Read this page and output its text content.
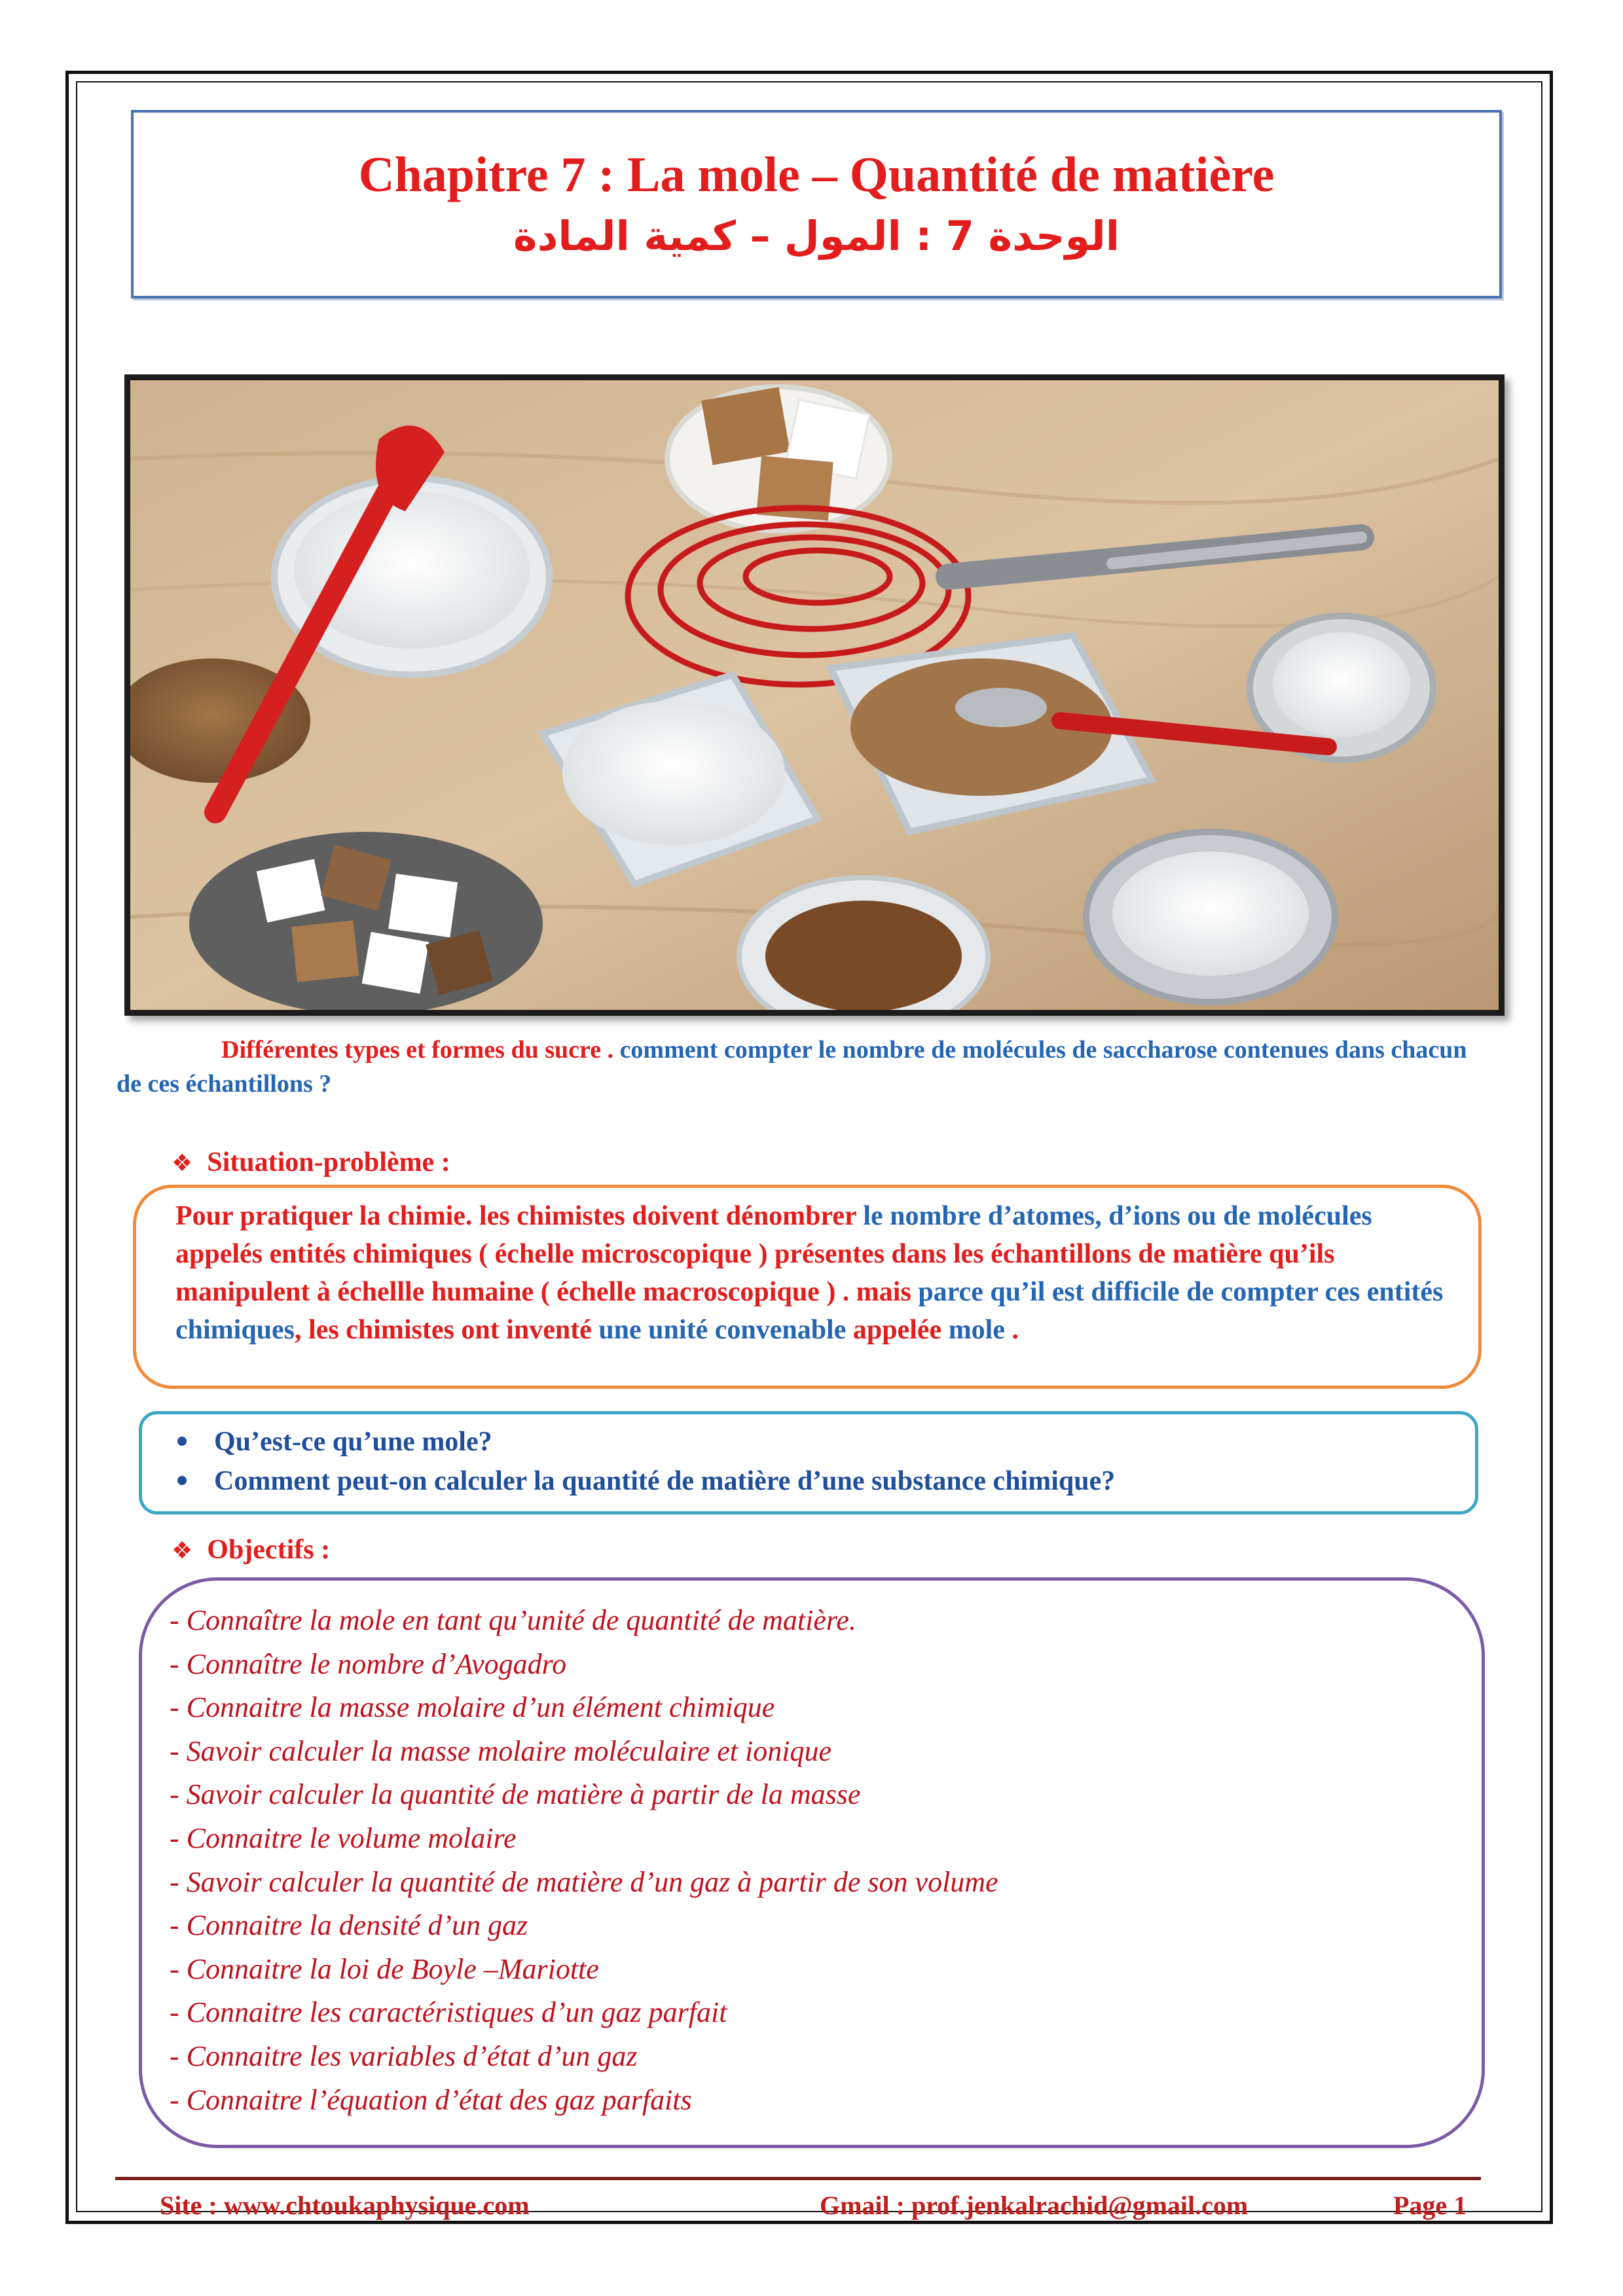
Chapitre 7 : La mole – Quantité de matière
الوحدة 7 : المول – كمية المادة
Différentes types et formes du sucre . comment compter le nombre de molécules de saccharose contenues dans chacun de ces échantillons ?
❖ Situation-problème :

Pour pratiquer la chimie. les chimistes doivent dénombrer le nombre d’atomes, d’ions ou de molécules appelés entités chimiques ( échelle microscopique ) présentes dans les échantillons de matière qu’ils manipulent à échellle humaine ( échelle macroscopique ) . mais parce qu’il est difficile de compter ces entités chimiques, les chimistes ont inventé une unité convenable appelée mole .

Qu’est-ce qu’une mole?
Comment peut-on calculer la quantité de matière d’une substance chimique?
❖ Objectifs :
- Connaître la mole en tant qu’unité de quantité de matière.
- Connaître le nombre d’Avogadro
- Connaitre la masse molaire d’un élément chimique
- Savoir calculer la masse molaire moléculaire et ionique
- Savoir calculer la quantité de matière à partir de la masse
- Connaitre le volume molaire
- Savoir calculer la quantité de matière d’un gaz à partir de son volume
- Connaitre la densité d’un gaz
- Connaitre la loi de Boyle –Mariotte
- Connaitre les caractéristiques d’un gaz parfait
- Connaitre les variables d’état d’un gaz
- Connaitre l’équation d’état des gaz parfaits
Site : www.chtoukaphysique.com	Gmail : prof.jenkalrachid@gmail.com	Page 1
